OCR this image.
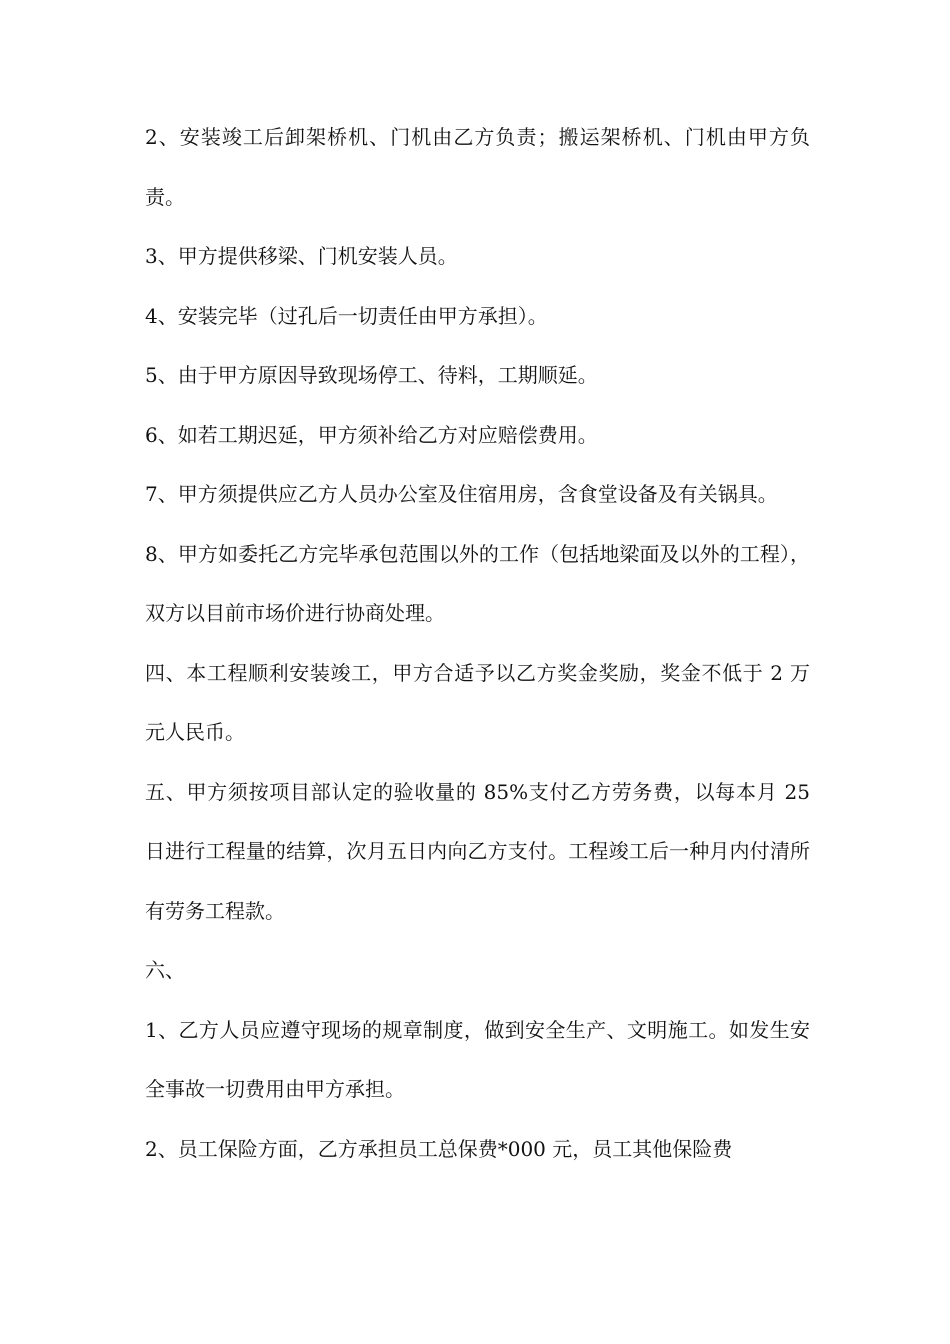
2、安装竣工后卸架桥机、门机由乙方负责；搬运架桥机、门机由甲方负责。

3、甲方提供移梁、门机安装人员。

4、安装完毕（过孔后一切责任由甲方承担）。

5、由于甲方原因导致现场停工、待料，工期顺延。

6、如若工期迟延，甲方须补给乙方对应赔偿费用。

7、甲方须提供应乙方人员办公室及住宿用房，含食堂设备及有关锅具。

8、甲方如委托乙方完毕承包范围以外的工作（包括地梁面及以外的工程），双方以目前市场价进行协商处理。

四、本工程顺利安装竣工，甲方合适予以乙方奖金奖励，奖金不低于 2 万元人民币。

五、甲方须按项目部认定的验收量的 85%支付乙方劳务费，以每本月 25 日进行工程量的结算，次月五日内向乙方支付。工程竣工后一种月内付清所有劳务工程款。

六、

1、乙方人员应遵守现场的规章制度，做到安全生产、文明施工。如发生安全事故一切费用由甲方承担。

2、员工保险方面，乙方承担员工总保费*000 元，员工其他保险费
